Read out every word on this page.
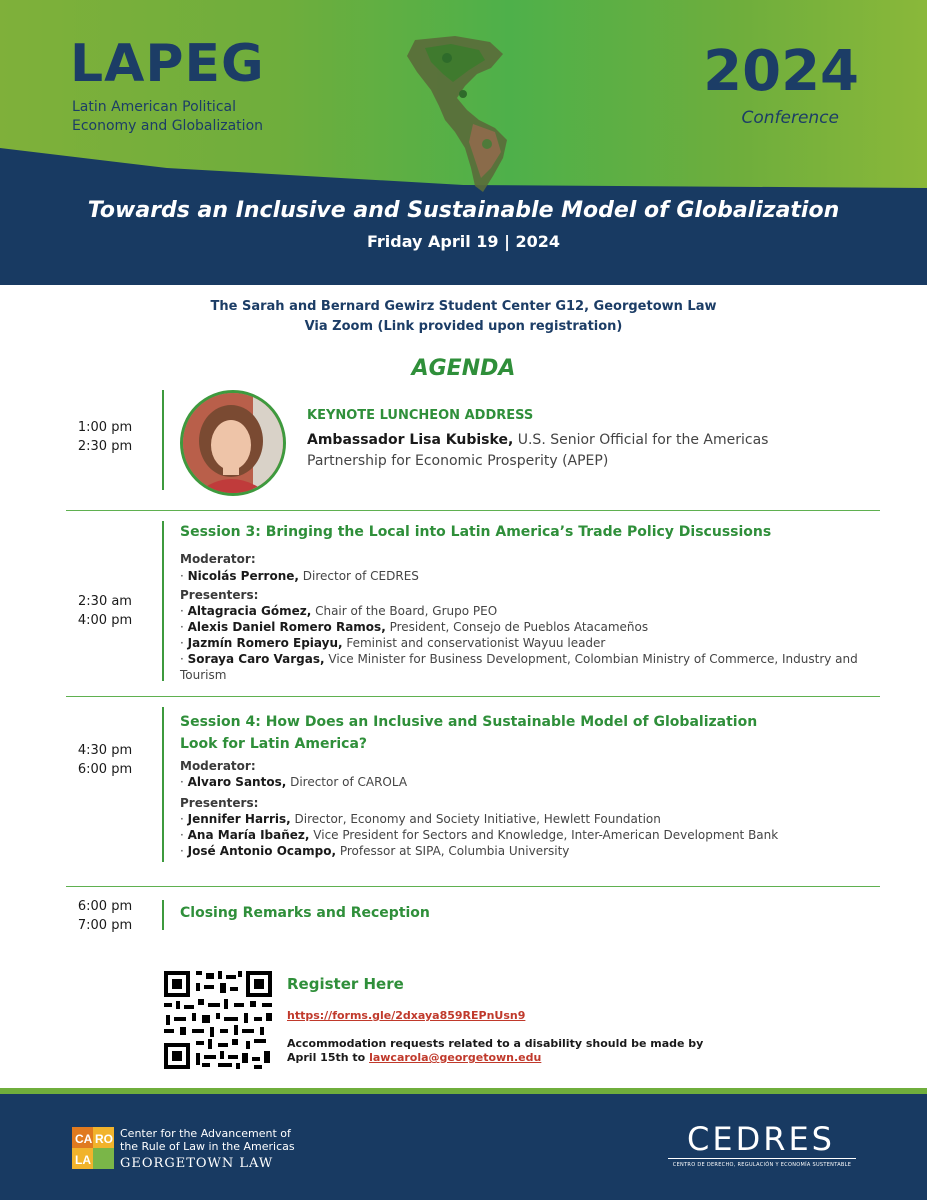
LAPEG
Latin American Political
Economy and Globalization
2024
Conference
Towards an Inclusive and Sustainable Model of Globalization
Friday April 19 | 2024
The Sarah and Bernard Gewirz Student Center G12, Georgetown Law
Via Zoom (Link provided upon registration)
AGENDA
1:00 pm
2:30 pm
KEYNOTE LUNCHEON ADDRESS
Ambassador Lisa Kubiske, U.S. Senior Official for the Americas
Partnership for Economic Prosperity (APEP)
2:30 am
4:00 pm
Session 3: Bringing the Local into Latin America’s Trade Policy Discussions
Moderator:
· Nicolás Perrone, Director of CEDRES
Presenters:
· Altagracia Gómez, Chair of the Board, Grupo PEO
· Alexis Daniel Romero Ramos, President, Consejo de Pueblos Atacameños
· Jazmín Romero Epiayu, Feminist and conservationist Wayuu leader
· Soraya Caro Vargas, Vice Minister for Business Development, Colombian Ministry of Commerce, Industry and Tourism
4:30 pm
6:00 pm
Session 4: How Does an Inclusive and Sustainable Model of Globalization Look for Latin America?
Moderator:
· Alvaro Santos, Director of CAROLA
Presenters:
· Jennifer Harris, Director, Economy and Society Initiative, Hewlett Foundation
· Ana María Ibañez, Vice President for Sectors and Knowledge, Inter-American Development Bank
· José Antonio Ocampo, Professor at SIPA, Columbia University
6:00 pm
7:00 pm
Closing Remarks and Reception
Register Here
https://forms.gle/2dxaya859REPnUsn9
Accommodation requests related to a disability should be made by April 15th to lawcarola@georgetown.edu
CA RO
LA
Center for the Advancement of
the Rule of Law in the Americas
GEORGETOWN LAW
CEDRES
CENTRO DE DERECHO, REGULACIÓN Y ECONOMÍA SUSTENTABLE
